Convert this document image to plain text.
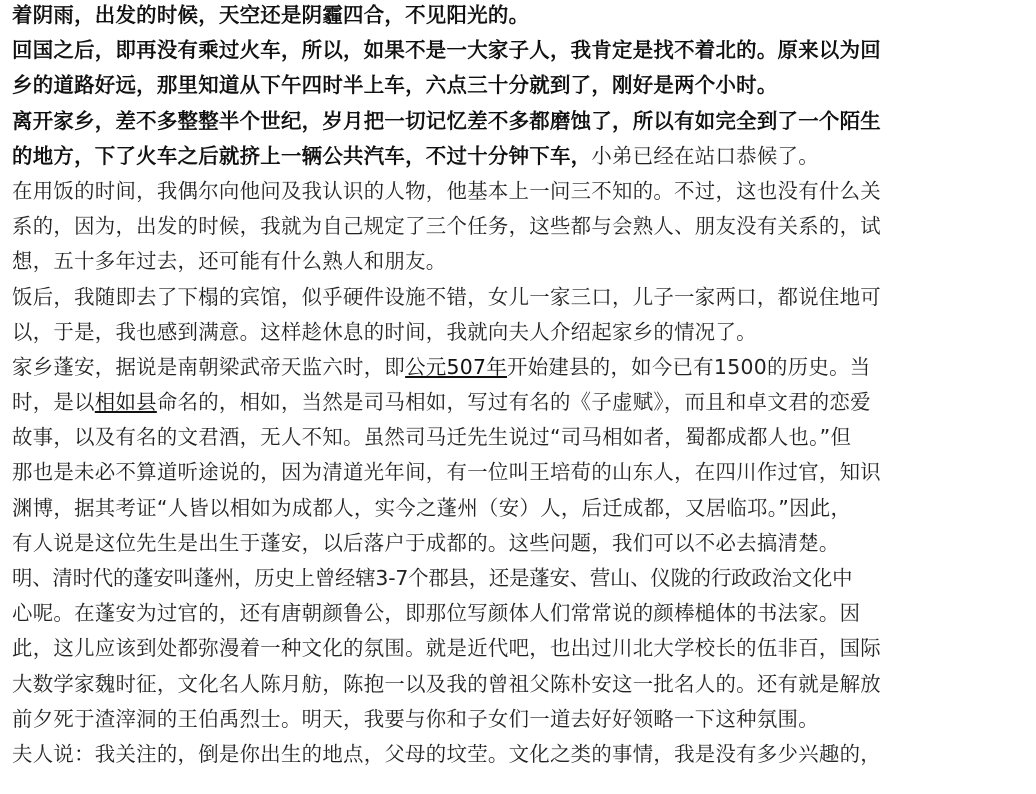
着阴雨，出发的时候，天空还是阴霾四合，不见阳光的。
回国之后，即再没有乘过火车，所以，如果不是一大家子人，我肯定是找不着北的。原来以为回
乡的道路好远，那里知道从下午四时半上车，六点三十分就到了，刚好是两个小时。
离开家乡，差不多整整半个世纪，岁月把一切记忆差不多都磨蚀了，所以有如完全到了一个陌生
的地方，下了火车之后就挤上一辆公共汽车，不过十分钟下车，小弟已经在站口恭候了。
在用饭的时间，我偶尔向他问及我认识的人物，他基本上一问三不知的。不过，这也没有什么关
系的，因为，出发的时候，我就为自己规定了三个任务，这些都与会熟人、朋友没有关系的，试
想，五十多年过去，还可能有什么熟人和朋友。
饭后，我随即去了下榻的宾馆，似乎硬件设施不错，女儿一家三口，儿子一家两口，都说住地可
以，于是，我也感到满意。这样趁休息的时间，我就向夫人介绍起家乡的情况了。
家乡蓬安，据说是南朝梁武帝天监六时，即公元507年开始建县的，如今已有1500的历史。当
时，是以相如县命名的，相如，当然是司马相如，写过有名的《子虚赋》，而且和卓文君的恋爱
故事，以及有名的文君酒，无人不知。虽然司马迁先生说过“司马相如者，蜀都成都人也。”但
那也是未必不算道听途说的，因为清道光年间，有一位叫王培荀的山东人，在四川作过官，知识
渊博，据其考证“人皆以相如为成都人，实今之蓬州（安）人，后迁成都，又居临邛。”因此，
有人说是这位先生是出生于蓬安，以后落户于成都的。这些问题，我们可以不必去搞清楚。
明、清时代的蓬安叫蓬州，历史上曾经辖3-7个郡县，还是蓬安、营山、仪陇的行政政治文化中
心呢。在蓬安为过官的，还有唐朝颜鲁公，即那位写颜体人们常常说的颜棒槌体的书法家。因
此，这儿应该到处都弥漫着一种文化的氛围。就是近代吧，也出过川北大学校长的伍非百，国际
大数学家魏时征，文化名人陈月舫，陈抱一以及我的曾祖父陈朴安这一批名人的。还有就是解放
前夕死于渣滓洞的王伯禹烈士。明天，我要与你和子女们一道去好好领略一下这种氛围。
夫人说：我关注的，倒是你出生的地点，父母的坟茔。文化之类的事情，我是没有多少兴趣的，
